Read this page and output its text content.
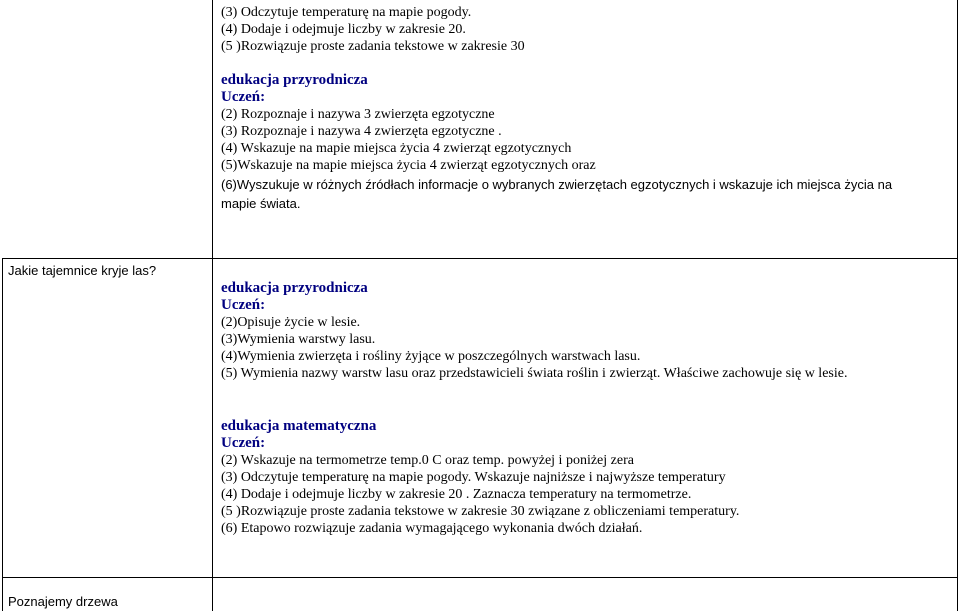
(3) Odczytuje temperaturę na mapie pogody.
(4) Dodaje i odejmuje liczby w zakresie 20.
(5 )Rozwiązuje proste zadania tekstowe w zakresie 30
edukacja przyrodnicza
Uczeń:
(2) Rozpoznaje i nazywa 3 zwierzęta egzotyczne
(3) Rozpoznaje i nazywa 4 zwierzęta egzotyczne .
(4) Wskazuje na mapie miejsca życia 4 zwierząt egzotycznych
(5)Wskazuje na mapie miejsca życia 4 zwierząt egzotycznych oraz
(6)Wyszukuje w różnych źródłach informacje o wybranych zwierzętach egzotycznych i wskazuje ich miejsca życia na
mapie świata.
Jakie tajemnice kryje las?
edukacja przyrodnicza
Uczeń:
(2)Opisuje życie w lesie.
(3)Wymienia warstwy lasu.
(4)Wymienia zwierzęta i rośliny żyjące w poszczególnych warstwach lasu.
(5) Wymienia nazwy warstw lasu oraz przedstawicieli świata roślin i zwierząt. Właściwe zachowuje się w lesie.
edukacja matematyczna
Uczeń:
(2) Wskazuje na termometrze temp.0 C oraz temp. powyżej i poniżej zera
(3) Odczytuje temperaturę na mapie pogody. Wskazuje najniższe i najwyższe temperatury
(4) Dodaje i odejmuje liczby w zakresie 20 . Zaznacza temperatury na termometrze.
(5 )Rozwiązuje proste zadania tekstowe w zakresie 30 związane z obliczeniami temperatury.
(6) Etapowo rozwiązuje zadania wymagającego wykonania dwóch działań.
Poznajemy drzewa
